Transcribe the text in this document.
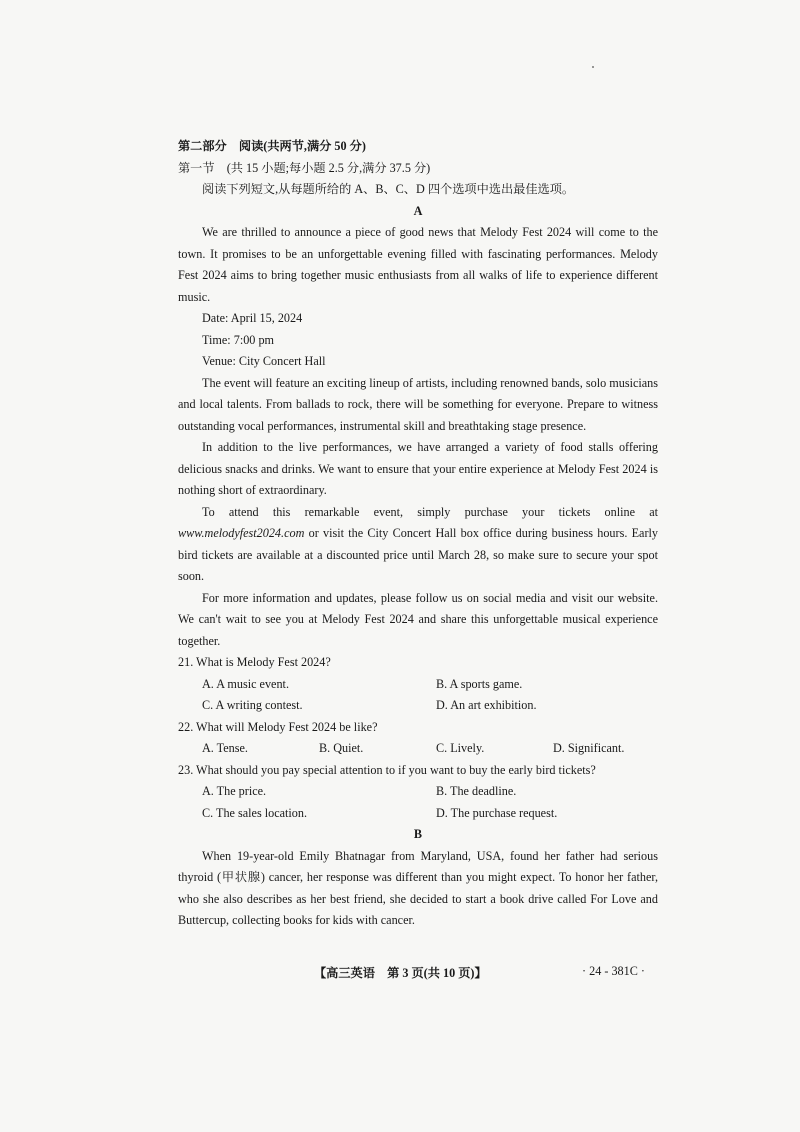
第二部分　阅读(共两节,满分 50 分)
第一节　(共 15 小题;每小题 2.5 分,满分 37.5 分)
阅读下列短文,从每题所给的 A、B、C、D 四个选项中选出最佳选项。
A

We are thrilled to announce a piece of good news that Melody Fest 2024 will come to the town. It promises to be an unforgettable evening filled with fascinating performances. Melody Fest 2024 aims to bring together music enthusiasts from all walks of life to experience different music.

Date: April 15, 2024
Time: 7:00 pm
Venue: City Concert Hall

The event will feature an exciting lineup of artists, including renowned bands, solo musicians and local talents. From ballads to rock, there will be something for everyone. Prepare to witness outstanding vocal performances, instrumental skill and breathtaking stage presence.

In addition to the live performances, we have arranged a variety of food stalls offering delicious snacks and drinks. We want to ensure that your entire experience at Melody Fest 2024 is nothing short of extraordinary.

To attend this remarkable event, simply purchase your tickets online at www.melodyfest2024.com or visit the City Concert Hall box office during business hours. Early bird tickets are available at a discounted price until March 28, so make sure to secure your spot soon.

For more information and updates, please follow us on social media and visit our website. We can't wait to see you at Melody Fest 2024 and share this unforgettable musical experience together.

21. What is Melody Fest 2024?
A. A music event.	B. A sports game.
C. A writing contest.	D. An art exhibition.
22. What will Melody Fest 2024 be like?
A. Tense.	B. Quiet.	C. Lively.	D. Significant.
23. What should you pay special attention to if you want to buy the early bird tickets?
A. The price.	B. The deadline.
C. The sales location.	D. The purchase request.
B

When 19-year-old Emily Bhatnagar from Maryland, USA, found her father had serious thyroid (甲状腺) cancer, her response was different than you might expect. To honor her father, who she also describes as her best friend, she decided to start a book drive called For Love and Buttercup, collecting books for kids with cancer.

【高三英语　第 3 页(共 10 页)】	· 24 - 381C ·
